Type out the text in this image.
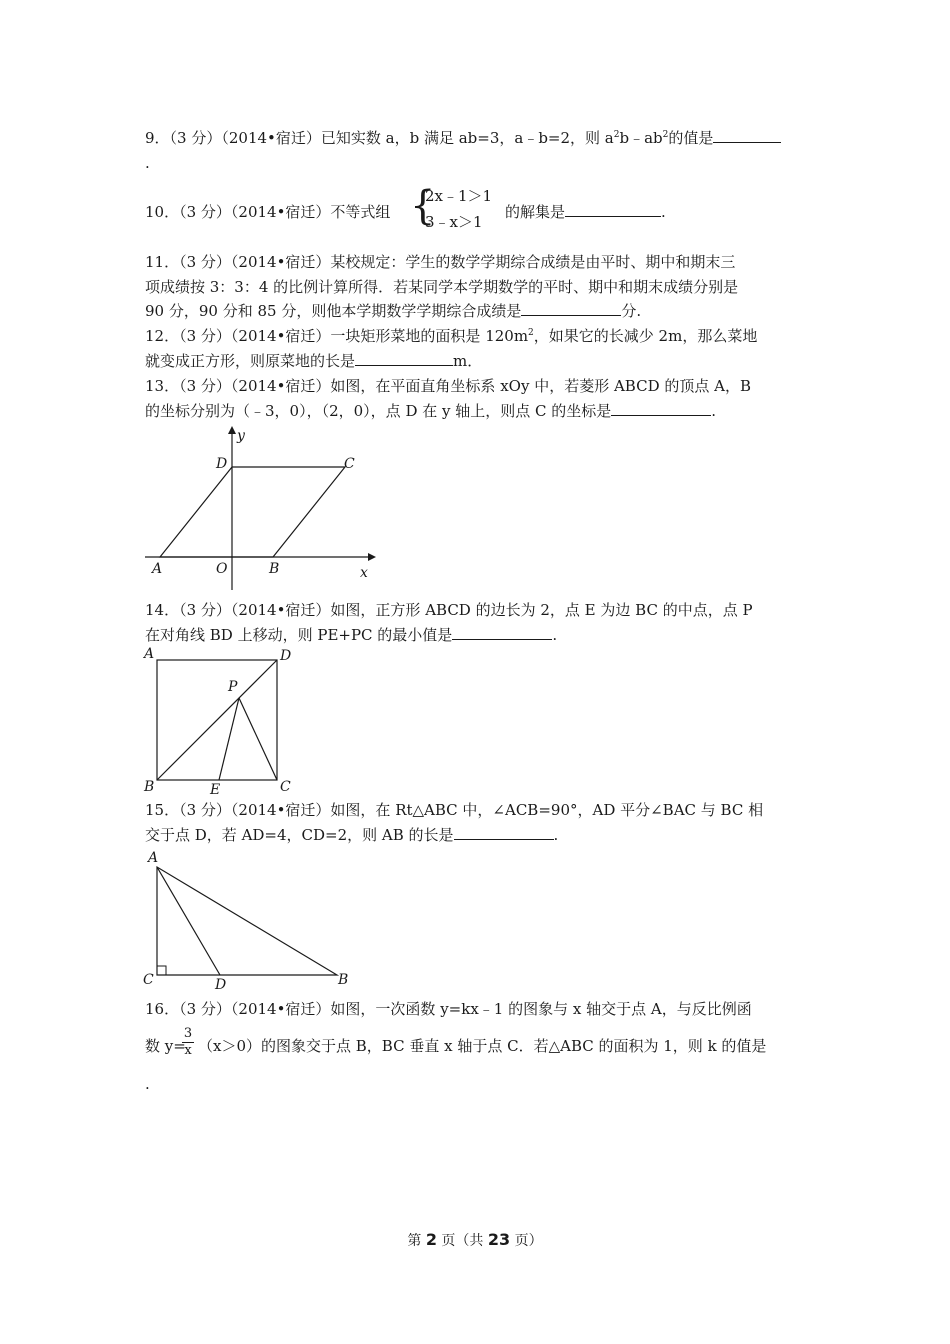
9．（3 分）（2014•宿迁）已知实数 a，b 满足 ab=3，a﹣b=2，则 $a^2b﹣ab^2$的值是
.
10．（3 分）（2014•宿迁）不等式组 {
2x﹣1＞1
3﹣x＞1
的解集是	.
11．（3 分）（2014•宿迁）某校规定：学生的数学学期综合成绩是由平时、期中和期末三
项成绩按 3：3：4 的比例计算所得．若某同学本学期数学的平时、期中和期末成绩分别是
90 分，90 分和 85 分，则他本学期数学学期综合成绩是	分.
12．（3 分）（2014•宿迁）一块矩形菜地的面积是 $120m^2$，如果它的长减少 2m，那么菜地
就变成正方形，则原菜地的长是	m．
13．（3 分）（2014•宿迁）如图，在平面直角坐标系 xOy 中，若菱形 ABCD 的顶点 A，B
的坐标分别为（﹣3，0），（2，0），点 D 在 y 轴上，则点 C 的坐标是	.
y
x
D	C
A	O	B
14．（3 分）（2014•宿迁）如图，正方形 ABCD 的边长为 2，点 E 为边 BC 的中点，点 P
在对角线 BD 上移动，则 PE+PC 的最小值是	.
A	D
P
B	E	C
15．（3 分）（2014•宿迁）如图，在 Rt△ABC 中，∠ACB=90°，AD 平分∠BAC 与 BC 相
交于点 D，若 AD=4，CD=2，则 AB 的长是	.
A
C	D	B
16．（3 分）（2014•宿迁）如图，一次函数 y=kx﹣1 的图象与 x 轴交于点 A，与反比例函
数 y=
3
x （x＞0）的图象交于点 B，BC 垂直 x 轴于点 C．若△ABC 的面积为 1，则 k 的值是
.
第 2 页（共 23 页）
